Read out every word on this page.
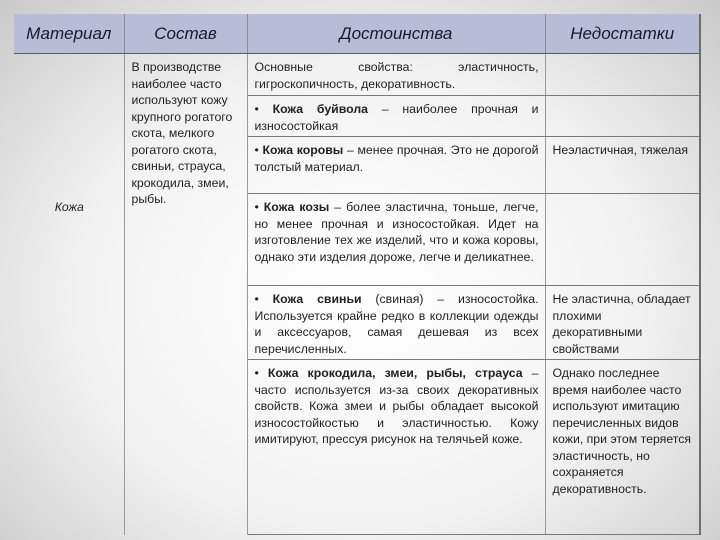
Материал	Состав	Достоинства	Недостатки

Кожа	В производстве наиболее часто используют кожу крупного рогатого скота, мелкого рогатого скота, свиньи, страуса, крокодила, змеи, рыбы.	Основные свойства: эластичность, гигроскопичность, декоративность.	
		• Кожа буйвола – наиболее прочная и износостойкая	
		• Кожа коровы – менее прочная. Это не дорогой толстый материал.	Неэластичная, тяжелая
		• Кожа козы – более эластична, тоньше, легче, но менее прочная и износостойкая. Идет на изготовление тех же изделий, что и кожа коровы, однако эти изделия дороже, легче и деликатнее.	
		• Кожа свиньи (свиная) – износостойка. Используется крайне редко в коллекции одежды и аксессуаров, самая дешевая из всех перечисленных.	Не эластична, обладает плохими декоративными свойствами
		• Кожа крокодила, змеи, рыбы, страуса – часто используется из-за своих декоративных свойств. Кожа змеи и рыбы обладает высокой износостойкостью и эластичностью. Кожу имитируют, прессуя рисунок на телячьей коже.	Однако последнее время наиболее часто используют имитацию перечисленных видов кожи, при этом теряется эластичность, но сохраняется декоративность.
